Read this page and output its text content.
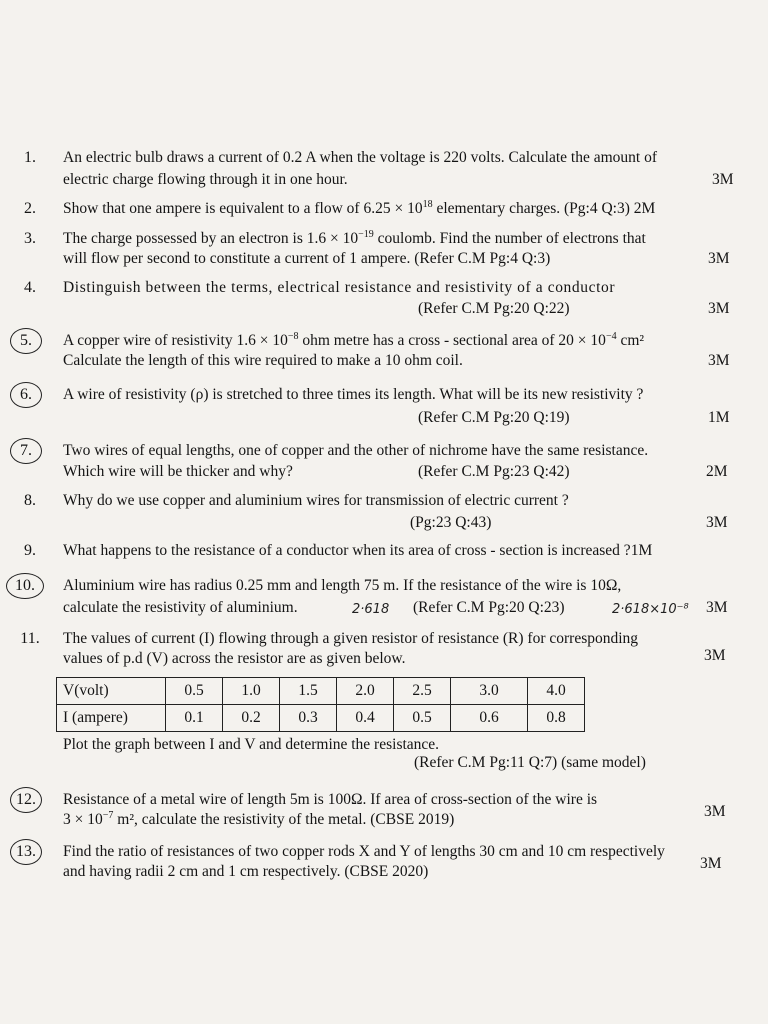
1.	An electric bulb draws a current of 0.2 A when the voltage is 220 volts. Calculate the amount of
electric charge flowing through it in one hour.	3M
2.	Show that one ampere is equivalent to a flow of $6.25 \times 10^{18}$ elementary charges. (Pg:4 Q:3) 2M
3.	The charge possessed by an electron is $1.6 \times 10^{-19}$ coulomb. Find the number of electrons that
will flow per second to constitute a current of 1 ampere. (Refer C.M Pg:4 Q:3)	3M
4.	Distinguish between the terms, electrical resistance and resistivity of a conductor
(Refer C.M Pg:20 Q:22)	3M
5.	A copper wire of resistivity $1.6 \times 10^{-8}$ ohm metre has a cross - sectional area of $20 \times 10^{-4}$ cm²
Calculate the length of this wire required to make a 10 ohm coil.	3M
6.	A wire of resistivity (ρ) is stretched to three times its length. What will be its new resistivity ?
(Refer C.M Pg:20 Q:19)	1M
7.	Two wires of equal lengths, one of copper and the other of nichrome have the same resistance.
Which wire will be thicker and why?	(Refer C.M Pg:23 Q:42)	2M
8.	Why do we use copper and aluminium wires for transmission of electric current ?
(Pg:23 Q:43)	3M
9.	What happens to the resistance of a conductor when its area of cross - section is increased ?1M
10.	Aluminium wire has radius 0.25 mm and length 75 m. If the resistance of the wire is 10Ω,
calculate the resistivity of aluminium.	2·618 (Refer C.M Pg:20 Q:23)	2·618×10⁻⁸ 3M
11.	The values of current (I) flowing through a given resistor of resistance (R) for corresponding
values of p.d (V) across the resistor are as given below.	3M
V(volt)	0.5	1.0	1.5	2.0	2.5	3.0	4.0
I (ampere)	0.1	0.2	0.3	0.4	0.5	0.6	0.8
Plot the graph between I and V and determine the resistance.
(Refer C.M Pg:11 Q:7) (same model)
12.	Resistance of a metal wire of length 5m is 100Ω. If area of cross-section of the wire is
$3 \times 10^{-7}$ m², calculate the resistivity of the metal. (CBSE 2019)	3M
13.	Find the ratio of resistances of two copper rods X and Y of lengths 30 cm and 10 cm respectively
and having radii 2 cm and 1 cm respectively. (CBSE 2020)	3M
